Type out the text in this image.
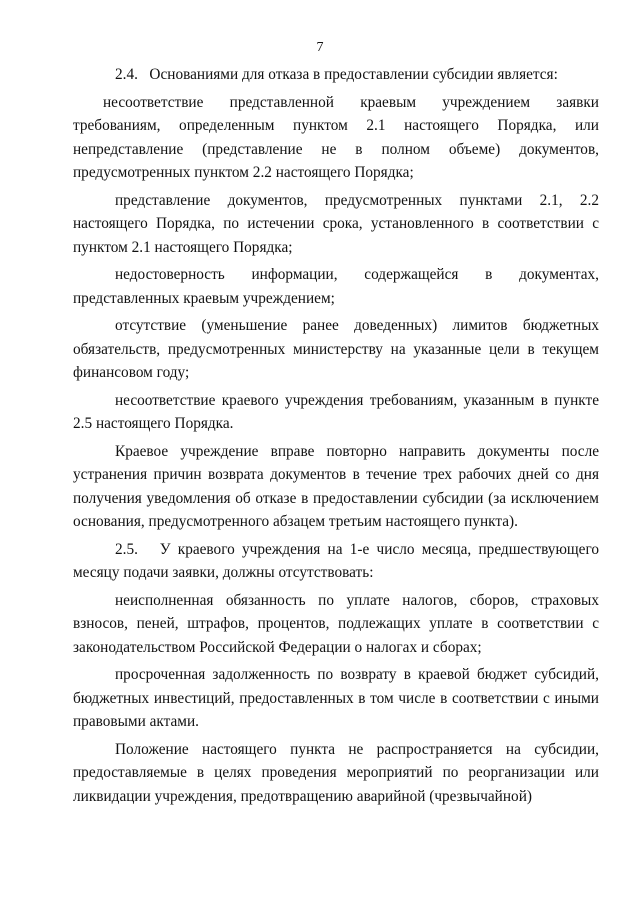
7

2.4.   Основаниями для отказа в предоставлении субсидии является:

несоответствие представленной краевым учреждением заявки требованиям, определенным пунктом 2.1 настоящего Порядка, или непредставление (представление не в полном объеме) документов, предусмотренных пунктом 2.2 настоящего Порядка;

представление документов, предусмотренных пунктами 2.1, 2.2 настоящего Порядка, по истечении срока, установленного в соответствии с пунктом 2.1 настоящего Порядка;

недостоверность информации, содержащейся в документах, представленных краевым учреждением;

отсутствие (уменьшение ранее доведенных) лимитов бюджетных обязательств, предусмотренных министерству на указанные цели в текущем финансовом году;

несоответствие краевого учреждения требованиям, указанным в пункте 2.5 настоящего Порядка.

Краевое учреждение вправе повторно направить документы после устранения причин возврата документов в течение трех рабочих дней со дня получения уведомления об отказе в предоставлении субсидии (за исключением основания, предусмотренного абзацем третьим настоящего пункта).

2.5.   У краевого учреждения на 1-е число месяца, предшествующего месяцу подачи заявки, должны отсутствовать:

неисполненная обязанность по уплате налогов, сборов, страховых взносов, пеней, штрафов, процентов, подлежащих уплате в соответствии с законодательством Российской Федерации о налогах и сборах;

просроченная задолженность по возврату в краевой бюджет субсидий, бюджетных инвестиций, предоставленных в том числе в соответствии с иными правовыми актами.

Положение настоящего пункта не распространяется на субсидии, предоставляемые в целях проведения мероприятий по реорганизации или ликвидации учреждения, предотвращению аварийной (чрезвычайной)
